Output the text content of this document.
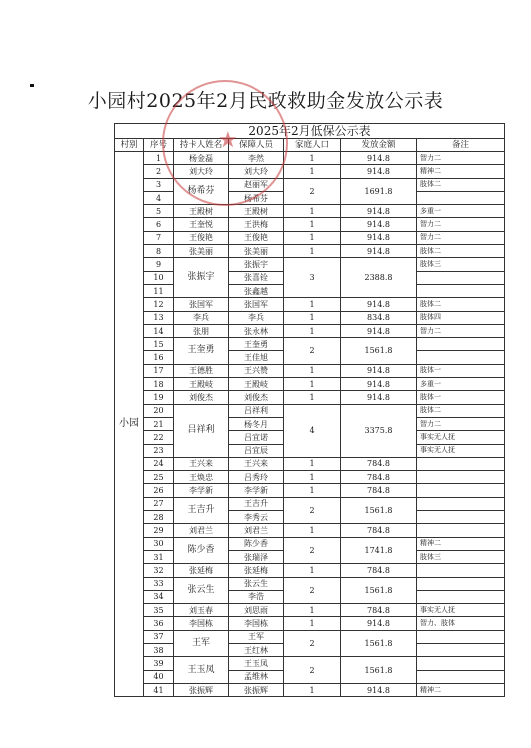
小园村2025年2月民政救助金发放公示表
2025年2月低保公示表						
村别	序号	持卡人姓名	保障人员	家庭人口	发放金额	备注
小园	1	杨金磊	李然	1	914.8	智力二
	2	刘大玲	刘大玲	1	914.8	精神二
	3	杨希芬	赵丽军	2	1691.8	肢体二
	4		杨希芬			
	5	王殿树	王殿树	1	914.8	多重一
	6	王奎悦	王洪梅	1	914.8	智力二
	7	王俊艳	王俊艳	1	914.8	智力二
	8	张美丽	张美丽	1	914.8	肢体二
	9	张振宇	张振宇	3	2388.8	肢体三
	10		张喜铨			
	11		张鑫越			
	12	张国军	张国军	1	914.8	肢体二
	13	李兵	李兵	1	834.8	肢体四
	14	张朋	张永林	1	914.8	智力二
	15	王奎勇	王奎勇	2	1561.8	
	16		王佳旭			
	17	王德胜	王兴赞	1	914.8	肢体一
	18	王殿岐	王殿岐	1	914.8	多重一
	19	刘俊杰	刘俊杰	1	914.8	肢体一
	20	吕祥利	吕祥利	4	3375.8	肢体二
	21		杨冬月			智力二
	22		吕宜诺			事实无人抚
	23		吕宜辰			事实无人抚
	24	王兴来	王兴来	1	784.8	
	25	王焕忠	吕秀玲	1	784.8	
	26	李学新	李学新	1	784.8	
	27	王吉升	王吉升	2	1561.8	
	28		李秀云			
	29	刘君兰	刘君兰	1	784.8	
	30	陈少香	陈少香	2	1741.8	精神二
	31		张瑞泽			肢体三
	32	张延梅	张延梅	1	784.8	
	33	张云生	张云生	2	1561.8	
	34		李浩			
	35	刘玉春	刘思雨	1	784.8	事实无人抚
	36	李国栋	李国栋	1	914.8	智力、肢体
	37	王军	王军	2	1561.8	
	38		王红林			
	39	王玉凤	王玉凤	2	1561.8	
	40		孟维林			
	41	张振辉	张振辉	1	914.8	精神二
★
